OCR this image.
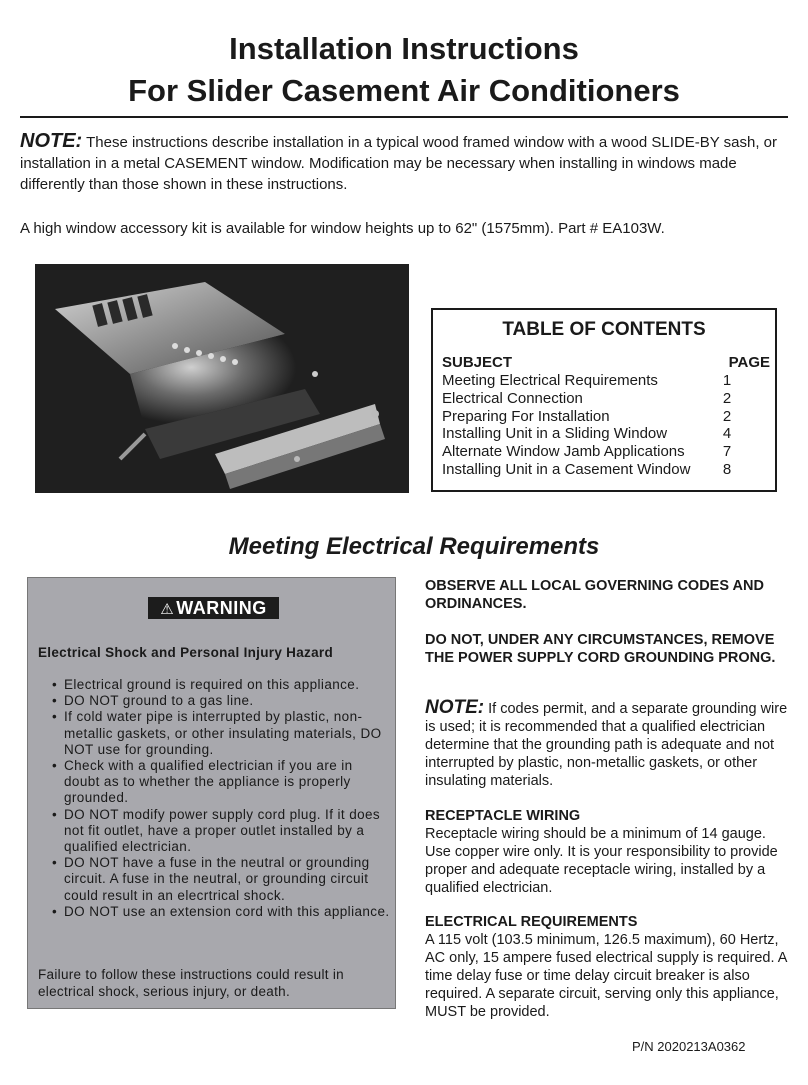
Installation Instructions
For Slider Casement Air Conditioners
NOTE: These instructions describe installation in a typical wood framed window with a wood SLIDE-BY sash, or installation in a metal CASEMENT window. Modification may be necessary when installing in windows made differently than those shown in these instructions.
A high window accessory kit is available for window heights up to 62" (1575mm). Part # EA103W.
TABLE OF CONTENTS
SUBJECT	PAGE
Meeting Electrical Requirements	1
Electrical Connection	2
Preparing For Installation	2
Installing Unit in a Sliding Window	4
Alternate Window Jamb Applications	7
Installing Unit in a Casement Window 8
Meeting Electrical Requirements
⚠ WARNING
Electrical Shock and Personal Injury Hazard
• Electrical ground is required on this appliance.
• DO NOT ground to a gas line.
• If cold water pipe is interrupted by plastic, non-metallic gaskets, or other insulating materials, DO NOT use for grounding.
• Check with a qualified electrician if you are in doubt as to whether the appliance is properly grounded.
• DO NOT modify power supply cord plug. If it does not fit outlet, have a proper outlet installed by a qualified electrician.
• DO NOT have a fuse in the neutral or grounding circuit. A fuse in the neutral, or grounding circuit could result in an elecrtrical shock.
• DO NOT use an extension cord with this appliance.
Failure to follow these instructions could result in electrical shock, serious injury, or death.
OBSERVE ALL LOCAL GOVERNING CODES AND ORDINANCES.
DO NOT, UNDER ANY CIRCUMSTANCES, REMOVE THE POWER SUPPLY CORD GROUNDING PRONG.
NOTE: If codes permit, and a separate grounding wire is used; it is recommended that a qualified electrician determine that the grounding path is adequate and not interrupted by plastic, non-metallic gaskets, or other insulating materials.
RECEPTACLE WIRING
Receptacle wiring should be a minimum of 14 gauge. Use copper wire only. It is your responsibility to provide proper and adequate receptacle wiring, installed by a qualified electrician.
ELECTRICAL REQUIREMENTS
A 115 volt (103.5 minimum, 126.5 maximum), 60 Hertz, AC only, 15 ampere fused electrical supply is required. A time delay fuse or time delay circuit breaker is also required. A separate circuit, serving only this appliance, MUST be provided.
P/N 2020213A0362
